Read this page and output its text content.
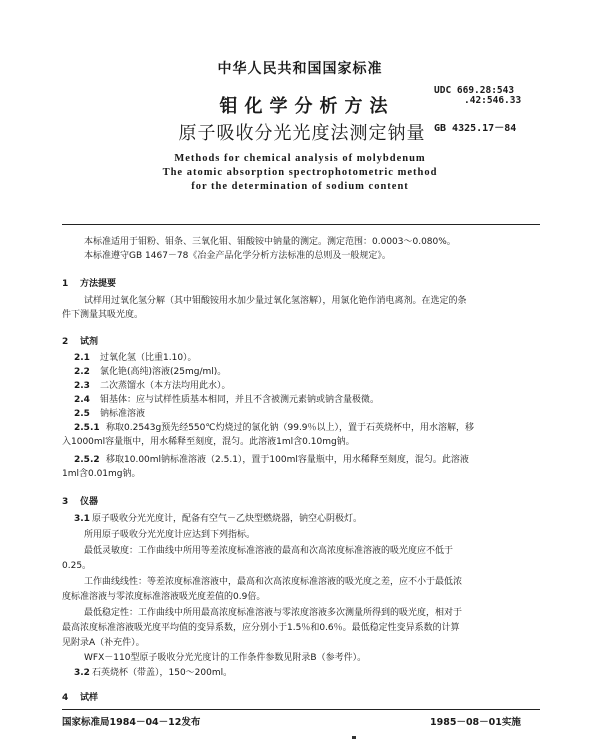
中华人民共和国国家标准
UDC 669.28:543
.42:546.33
GB 4325.17－84
钼化学分析方法
原子吸收分光光度法测定钠量
Methods for chemical analysis of molybdenum
The atomic absorption spectrophotometric method
for the determination of sodium content
本标准适用于钼粉、钼条、三氧化钼、钼酸铵中钠量的测定。测定范围：0.0003～0.080%。
本标准遵守GB 1467－78《冶金产品化学分析方法标准的总则及一般规定》。
1 方法提要
试样用过氧化氢分解（其中钼酸铵用水加少量过氧化氢溶解），用氯化铯作消电离剂。在选定的条
件下测量其吸光度。
2 试剂
2.1 过氧化氢（比重1.10）。
2.2 氯化铯(高纯)溶液(25mg/ml)。
2.3 二次蒸馏水（本方法均用此水）。
2.4 钼基体：应与试样性质基本相同，并且不含被测元素钠或钠含量极微。
2.5 钠标准溶液
2.5.1 称取0.2543g预先经550℃灼烧过的氯化钠（99.9％以上），置于石英烧杯中，用水溶解，移
入1000ml容量瓶中，用水稀释至刻度，混匀。此溶液1ml含0.10mg钠。
2.5.2 移取10.00ml钠标准溶液（2.5.1），置于100ml容量瓶中，用水稀释至刻度，混匀。此溶液
1ml含0.01mg钠。
3 仪器
3.1 原子吸收分光光度计，配备有空气－乙炔型燃烧器，钠空心阴极灯。
所用原子吸收分光光度计应达到下列指标。
最低灵敏度：工作曲线中所用等差浓度标准溶液的最高和次高浓度标准溶液的吸光度应不低于
0.25。
工作曲线线性：等差浓度标准溶液中，最高和次高浓度标准溶液的吸光度之差，应不小于最低浓
度标准溶液与零浓度标准溶液吸光度差值的0.9倍。
最低稳定性：工作曲线中所用最高浓度标准溶液与零浓度溶液多次测量所得到的吸光度，相对于
最高浓度标准溶液吸光度平均值的变异系数，应分别小于1.5％和0.6％。最低稳定性变异系数的计算
见附录A（补充件）。
WFX－110型原子吸收分光光度计的工作条件参数见附录B（参考件）。
3.2 石英烧杯（带盖），150～200ml。
4 试样
国家标准局1984－04－12发布	1985－08－01实施
